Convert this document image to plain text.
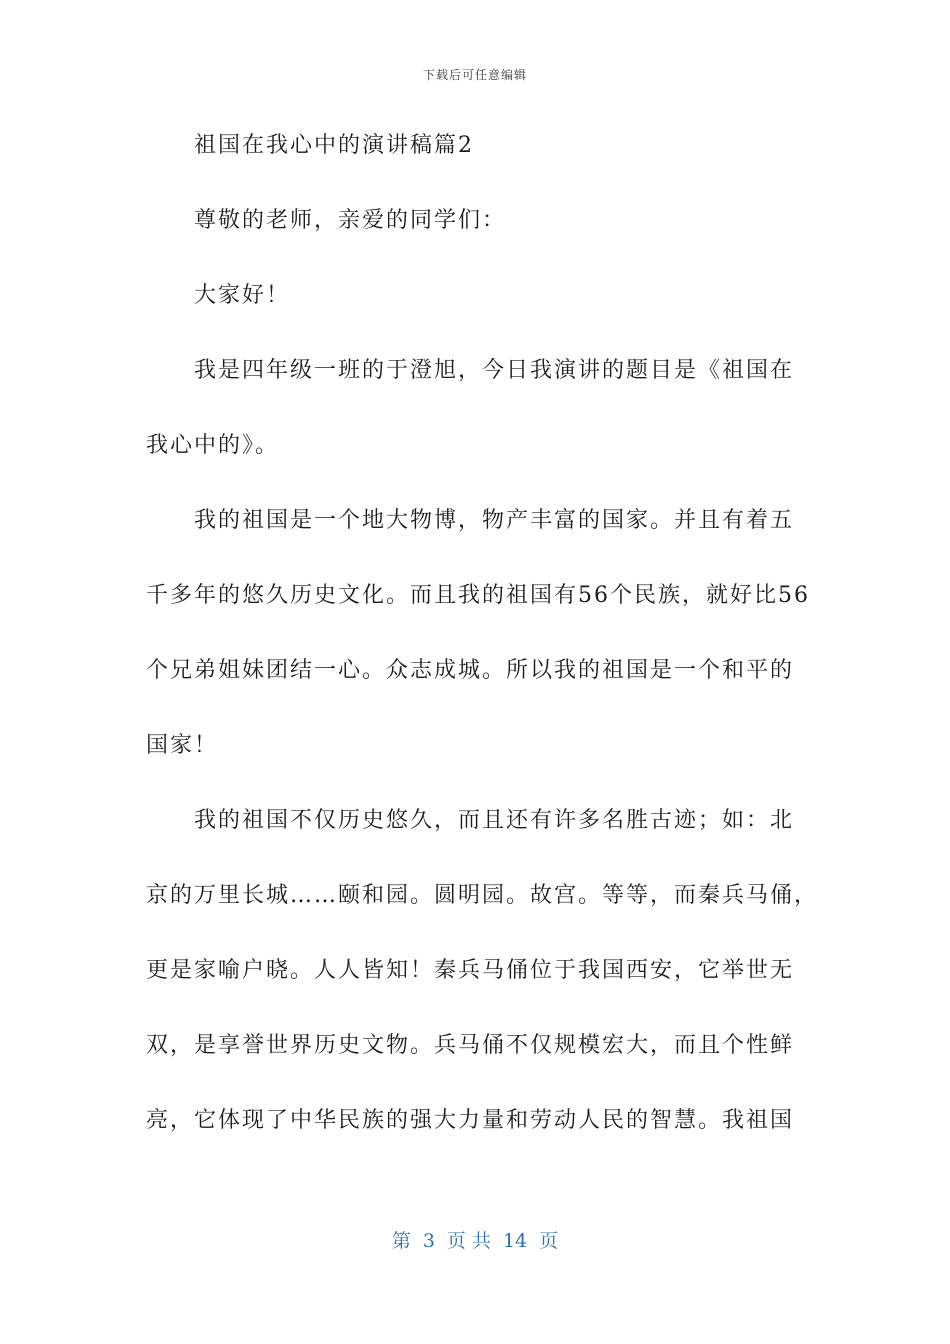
下载后可任意编辑
祖国在我心中的演讲稿篇2
尊敬的老师，亲爱的同学们：
大家好！
我是四年级一班的于澄旭，今日我演讲的题目是《祖国在
我心中的》。
我的祖国是一个地大物博，物产丰富的国家。并且有着五
千多年的悠久历史文化。而且我的祖国有56个民族，就好比56
个兄弟姐妹团结一心。众志成城。所以我的祖国是一个和平的
国家！
我的祖国不仅历史悠久，而且还有许多名胜古迹；如：北
京的万里长城……颐和园。圆明园。故宫。等等，而秦兵马俑，
更是家喻户晓。人人皆知！秦兵马俑位于我国西安，它举世无
双，是享誉世界历史文物。兵马俑不仅规模宏大，而且个性鲜
亮，它体现了中华民族的强大力量和劳动人民的智慧。我祖国
第 3 页 共 14 页
